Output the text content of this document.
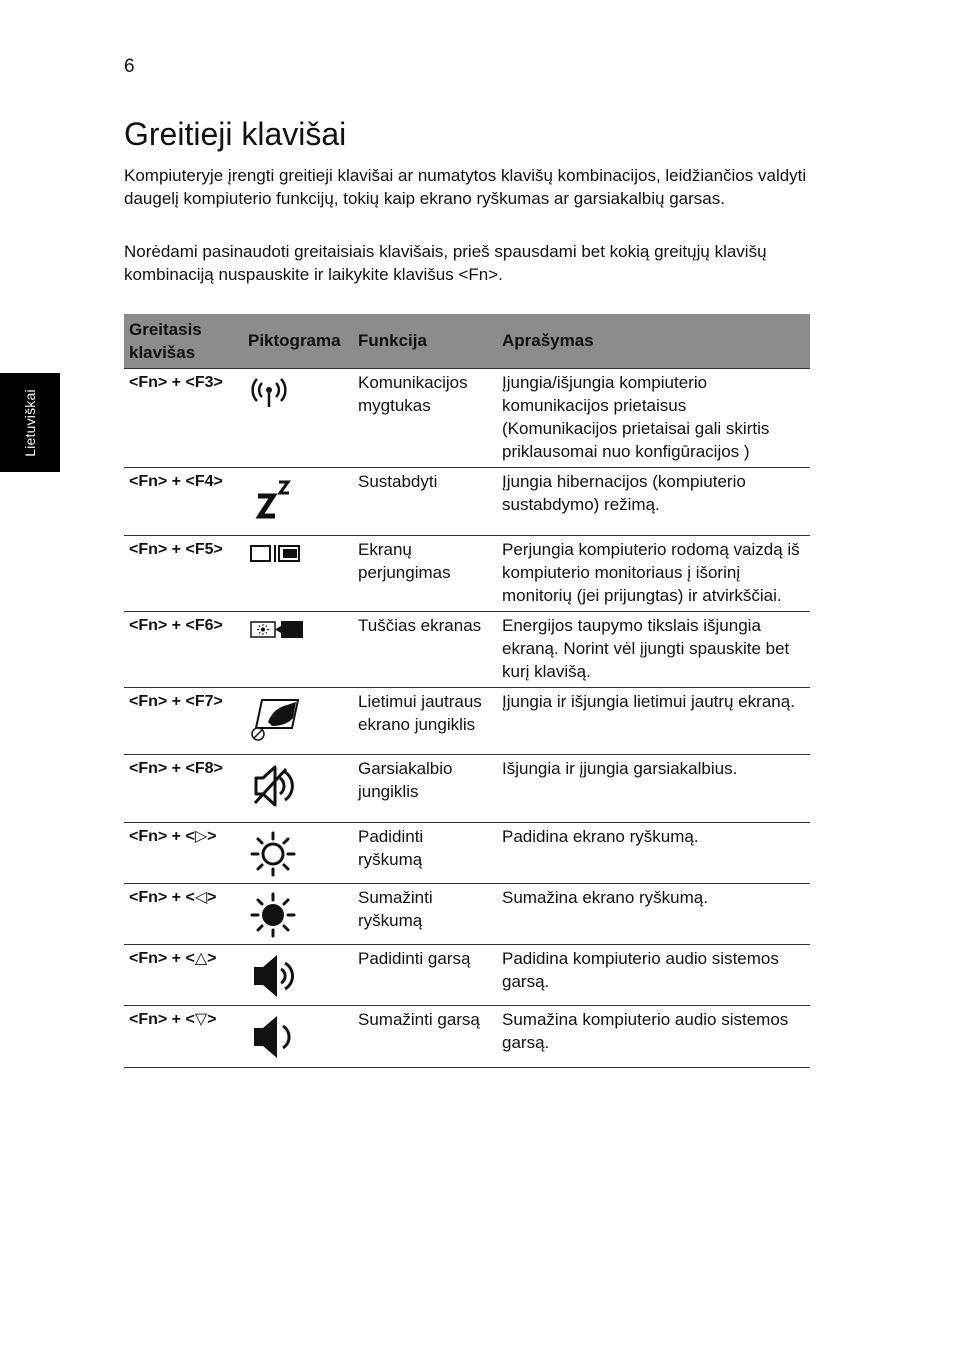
6
Lietuviškai
Greitieji klavišai

Kompiuteryje įrengti greitieji klavišai ar numatytos klavišų kombinacijos, leidžiančios valdyti daugelį kompiuterio funkcijų, tokių kaip ekrano ryškumas ar garsiakalbių garsas.

Norėdami pasinaudoti greitaisiais klavišais, prieš spausdami bet kokią greitųjų klavišų kombinaciją nuspauskite ir laikykite klavišus <Fn>.

Greitasis klavišas	Piktograma	Funkcija	Aprašymas
<Fn> + <F3>		Komunikacijos mygtukas	Įjungia/išjungia kompiuterio komunikacijos prietaisus (Komunikacijos prietaisai gali skirtis priklausomai nuo konfigūracijos )
<Fn> + <F4>		Sustabdyti	Įjungia hibernacijos (kompiuterio sustabdymo) režimą.
<Fn> + <F5>		Ekranų perjungimas	Perjungia kompiuterio rodomą vaizdą iš kompiuterio monitoriaus į išorinį monitorių (jei prijungtas) ir atvirkščiai.
<Fn> + <F6>		Tuščias ekranas	Energijos taupymo tikslais išjungia ekraną. Norint vėl įjungti spauskite bet kurį klavišą.
<Fn> + <F7>		Lietimui jautraus ekrano jungiklis	Įjungia ir išjungia lietimui jautrų ekraną.
<Fn> + <F8>		Garsiakalbio jungiklis	Išjungia ir įjungia garsiakalbius.
<Fn> + <▷>		Padidinti ryškumą	Padidina ekrano ryškumą.
<Fn> + <◁>		Sumažinti ryškumą	Sumažina ekrano ryškumą.
<Fn> + <△>		Padidinti garsą	Padidina kompiuterio audio sistemos garsą.
<Fn> + <▽>		Sumažinti garsą	Sumažina kompiuterio audio sistemos garsą.
